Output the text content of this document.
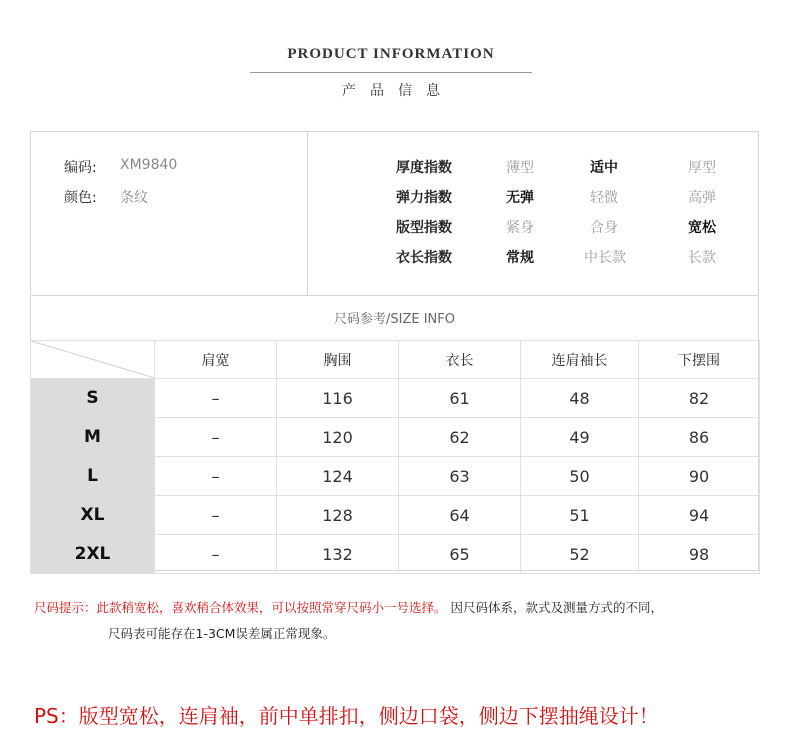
PRODUCT INFORMATION
产品信息
编码: XM9840
颜色: 条纹
厚度指数	薄型	适中	厚型
弹力指数	无弹	轻微	高弹
版型指数	紧身	合身	宽松
衣长指数	常规	中长款	长款
尺码参考/SIZE INFO
	肩宽	胸围	衣长	连肩袖长	下摆围
S	–	116	61	48	82
M	–	120	62	49	86
L	–	124	63	50	90
XL	–	128	64	51	94
2XL	–	132	65	52	98
尺码提示：此款稍宽松，喜欢稍合体效果，可以按照常穿尺码小一号选择。 因尺码体系，款式及测量方式的不同，
尺码表可能存在1-3CM误差属正常现象。
PS：版型宽松，连肩袖，前中单排扣，侧边口袋，侧边下摆抽绳设计！
